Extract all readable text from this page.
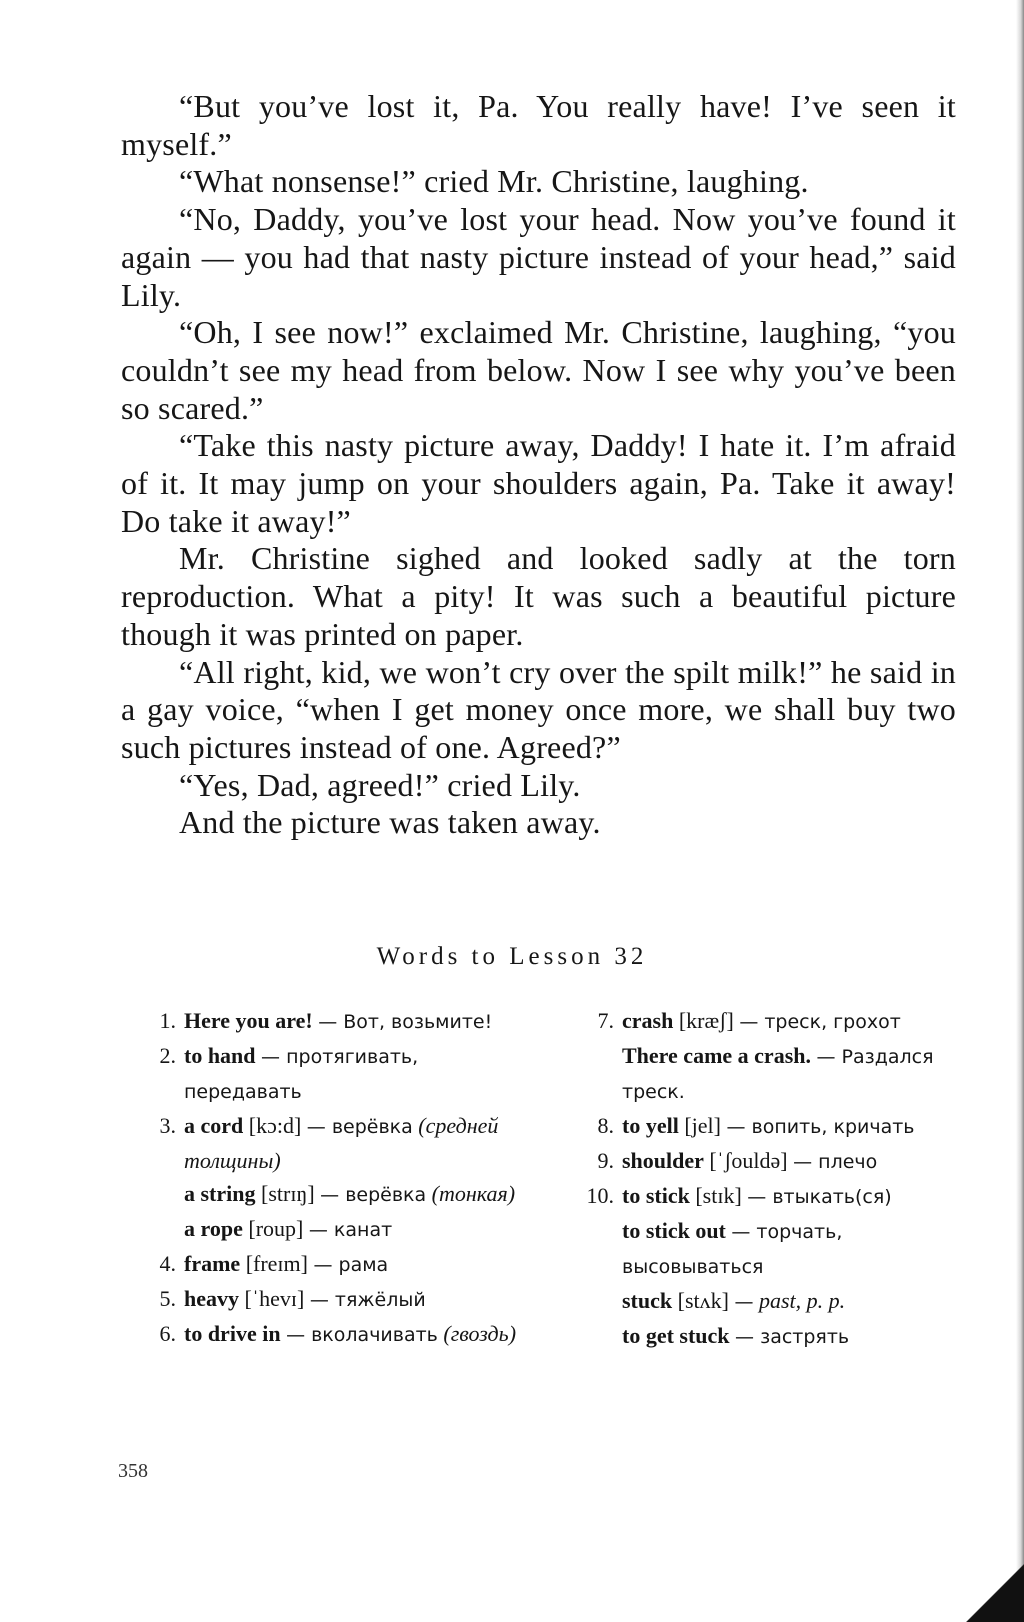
“But you’ve lost it, Pa. You really have! I’ve seen it myself.”

“What nonsense!” cried Mr. Christine, laughing.

“No, Daddy, you’ve lost your head. Now you’ve found it again — you had that nasty picture instead of your head,” said Lily.

“Oh, I see now!” exclaimed Mr. Christine, laughing, “you couldn’t see my head from below. Now I see why you’ve been so scared.”

“Take this nasty picture away, Daddy! I hate it. I’m afraid of it. It may jump on your shoulders again, Pa. Take it away! Do take it away!”

Mr. Christine sighed and looked sadly at the torn reproduction. What a pity! It was such a beautiful picture though it was printed on paper.

“All right, kid, we won’t cry over the spilt milk!” he said in a gay voice, “when I get money once more, we shall buy two such pictures instead of one. Agreed?”

“Yes, Dad, agreed!” cried Lily.

And the picture was taken away.

Words to Lesson 32
1. Here you are! — Вот, возьмите!
2. to hand — протягивать, передавать
3. a cord [kɔ:d] — верёвка (средней толщины)
a string [strɪŋ] — верёвка (тонкая)
a rope [roup] — канат
4. frame [freɪm] — рама
5. heavy [ˈhevɪ] — тяжёлый
6. to drive in — вколачивать (гвоздь)
7. crash [kræʃ] — треск, грохот
There came a crash. — Раздался треск.
8. to yell [jel] — вопить, кричать
9. shoulder [ˈʃouldə] — плечо
10. to stick [stɪk] — втыкать(ся)
to stick out — торчать, высовываться
stuck [stʌk] — past, p. p.
to get stuck — застрять
358
